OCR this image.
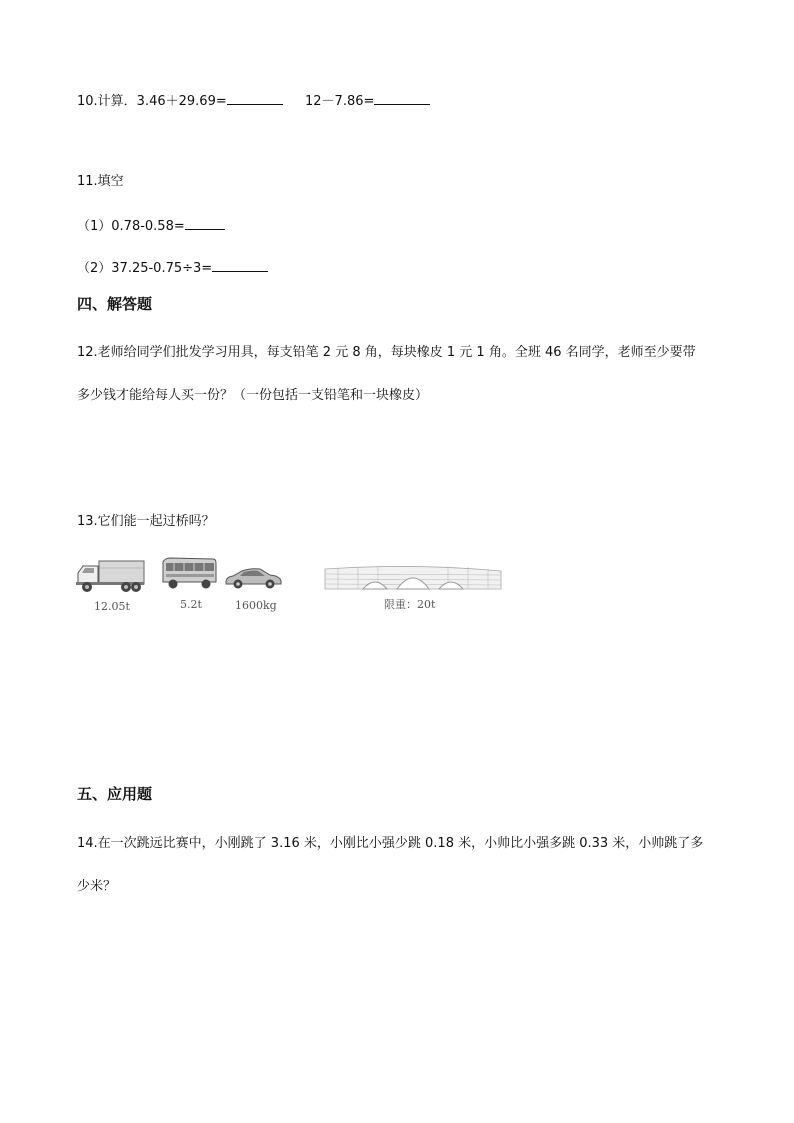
10.计算．3.46＋29.69=	12－7.86=
11.填空
（1）0.78-0.58=
（2）37.25-0.75÷3=
四、解答题
12.老师给同学们批发学习用具，每支铅笔 2 元 8 角，每块橡皮 1 元 1 角。全班 46 名同学，老师至少要带
多少钱才能给每人买一份？（一份包括一支铅笔和一块橡皮）
13.它们能一起过桥吗？
12.05t	5.2t	1600kg	限重：20t
五、应用题
14.在一次跳远比赛中，小刚跳了 3.16 米，小刚比小强少跳 0.18 米，小帅比小强多跳 0.33 米，小帅跳了多
少米？
